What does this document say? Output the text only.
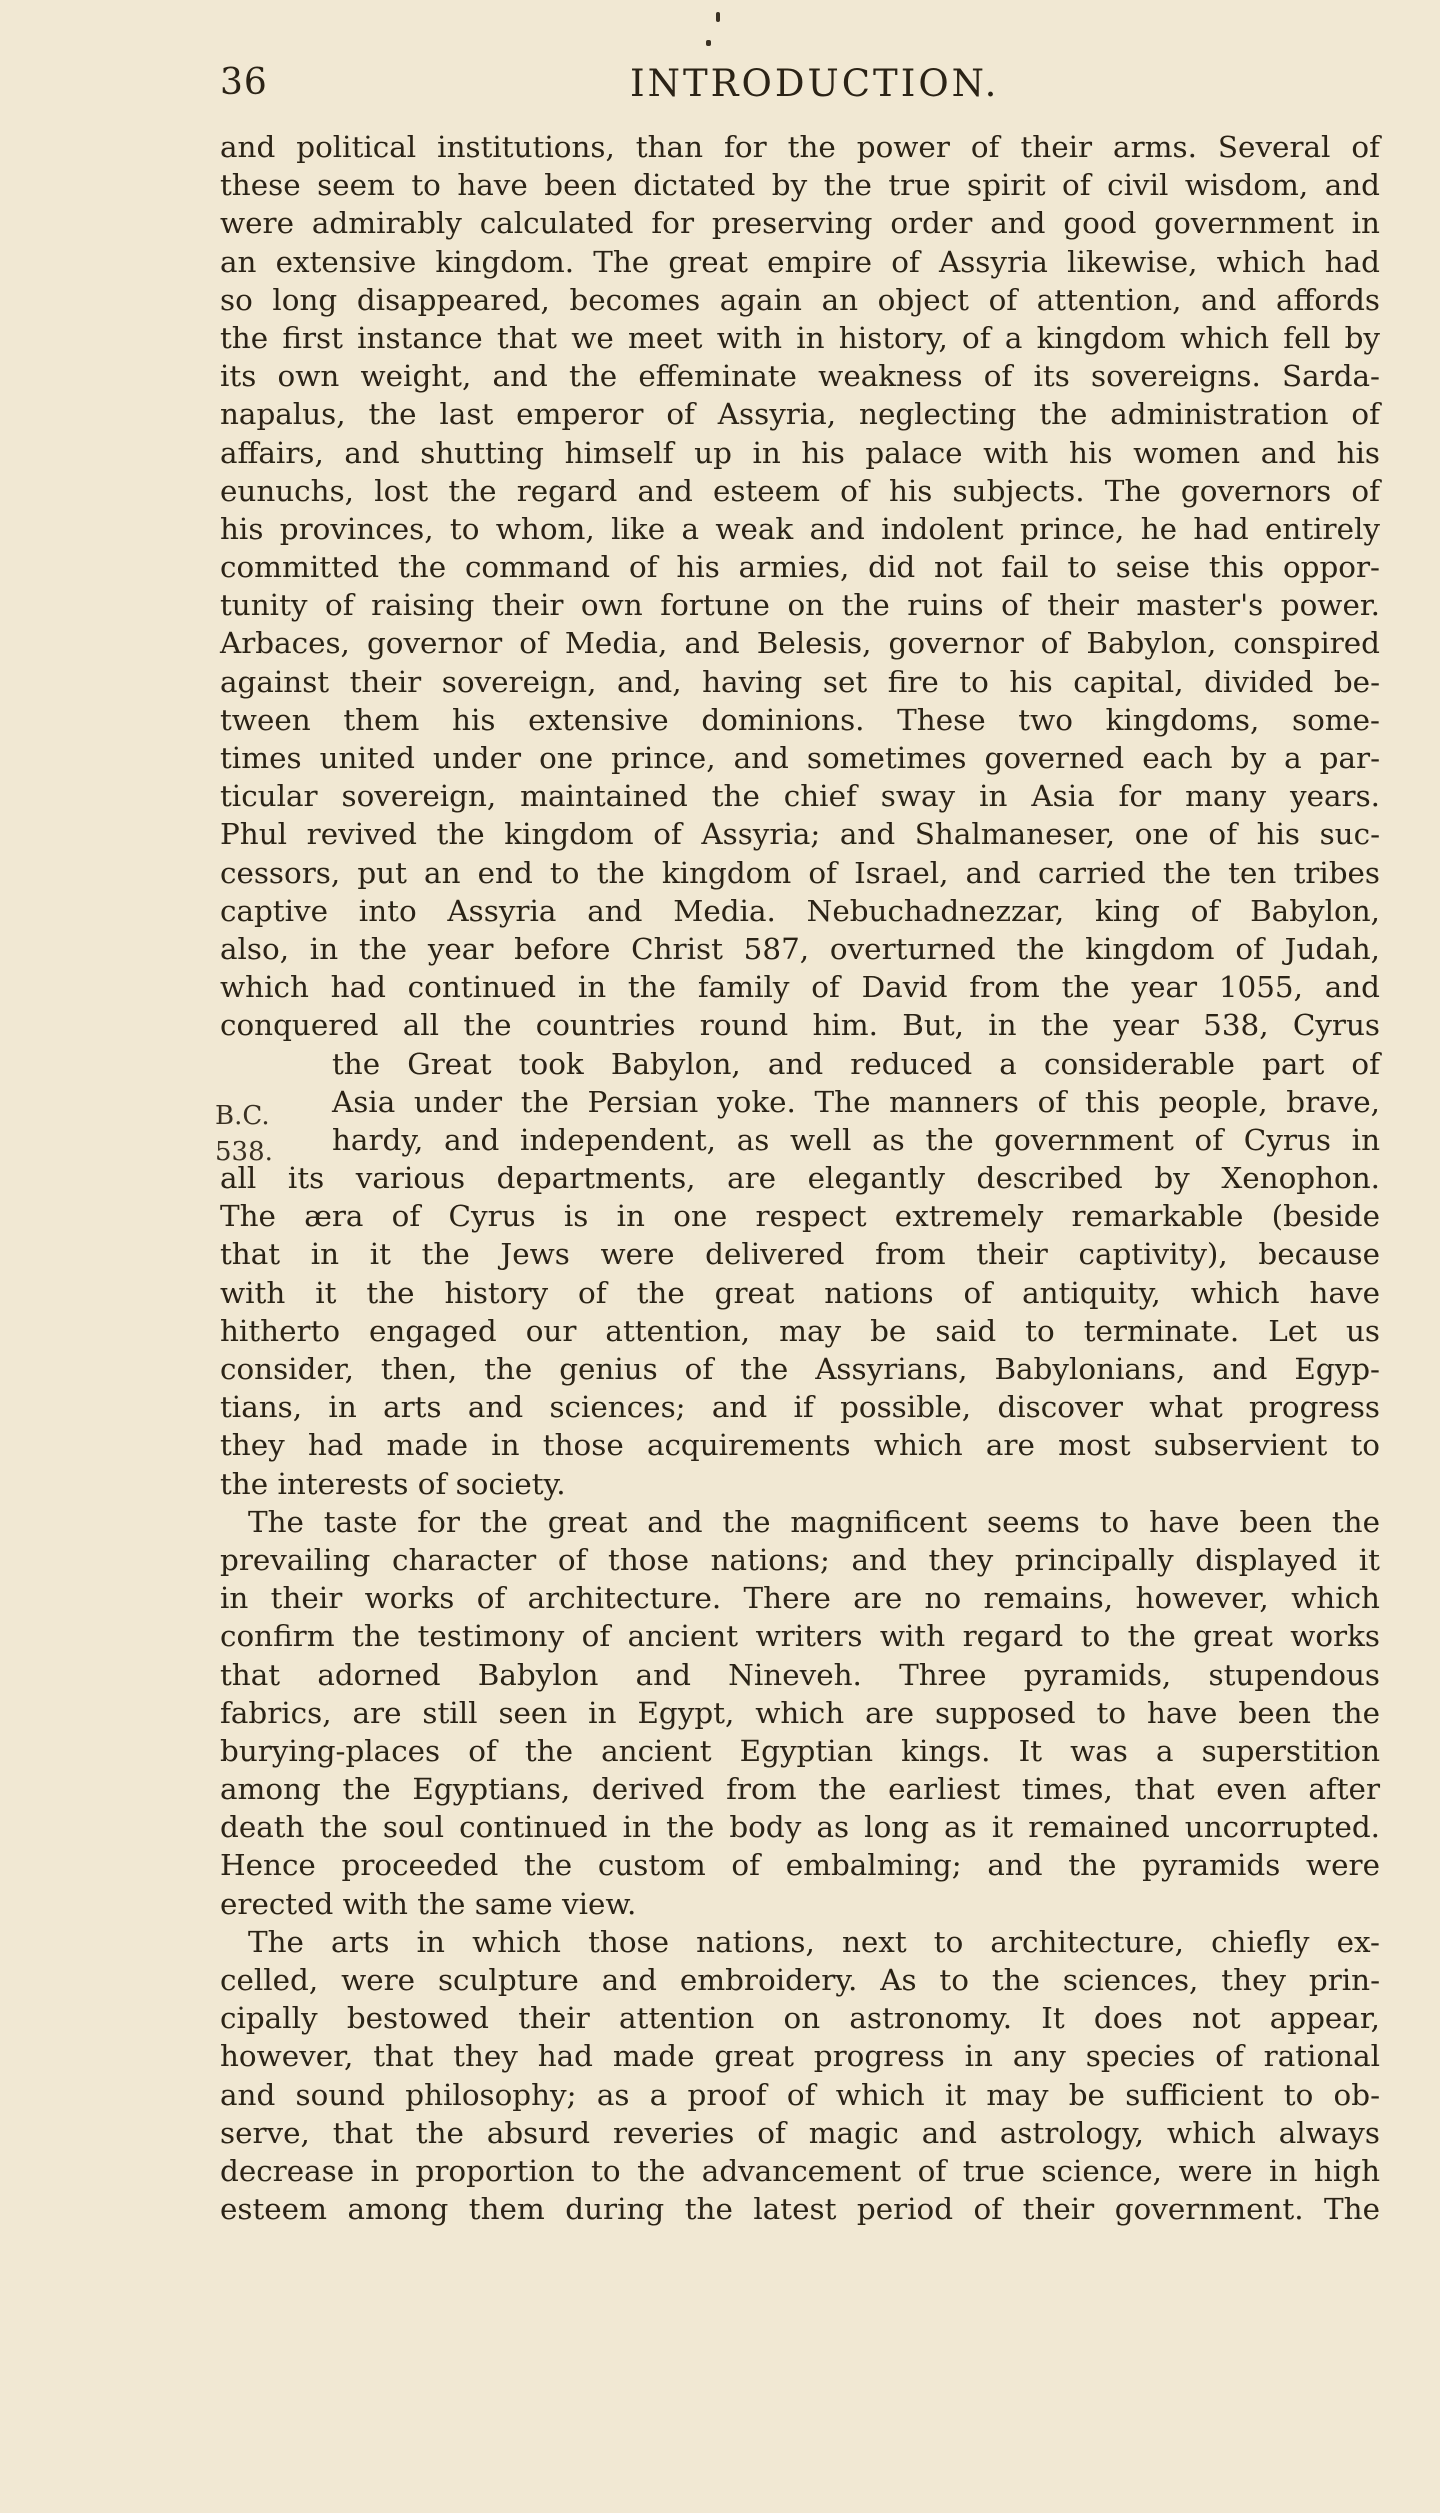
36	INTRODUCTION.
B.C.
538.
and political institutions, than for the power of their arms. Several of
these seem to have been dictated by the true spirit of civil wisdom, and
were admirably calculated for preserving order and good government in
an extensive kingdom. The great empire of Assyria likewise, which had
so long disappeared, becomes again an object of attention, and affords
the first instance that we meet with in history, of a kingdom which fell by
its own weight, and the effeminate weakness of its sovereigns. Sarda-
napalus, the last emperor of Assyria, neglecting the administration of
affairs, and shutting himself up in his palace with his women and his
eunuchs, lost the regard and esteem of his subjects. The governors of
his provinces, to whom, like a weak and indolent prince, he had entirely
committed the command of his armies, did not fail to seise this oppor-
tunity of raising their own fortune on the ruins of their master's power.
Arbaces, governor of Media, and Belesis, governor of Babylon, conspired
against their sovereign, and, having set fire to his capital, divided be-
tween them his extensive dominions. These two kingdoms, some-
times united under one prince, and sometimes governed each by a par-
ticular sovereign, maintained the chief sway in Asia for many years.
Phul revived the kingdom of Assyria; and Shalmaneser, one of his suc-
cessors, put an end to the kingdom of Israel, and carried the ten tribes
captive into Assyria and Media. Nebuchadnezzar, king of Babylon,
also, in the year before Christ 587, overturned the kingdom of Judah,
which had continued in the family of David from the year 1055, and
conquered all the countries round him. But, in the year 538, Cyrus
the Great took Babylon, and reduced a considerable part of
Asia under the Persian yoke. The manners of this people, brave,
hardy, and independent, as well as the government of Cyrus in
all its various departments, are elegantly described by Xenophon.
The æra of Cyrus is in one respect extremely remarkable (beside
that in it the Jews were delivered from their captivity), because
with it the history of the great nations of antiquity, which have
hitherto engaged our attention, may be said to terminate. Let us
consider, then, the genius of the Assyrians, Babylonians, and Egyp-
tians, in arts and sciences; and if possible, discover what progress
they had made in those acquirements which are most subservient to
the interests of society.
The taste for the great and the magnificent seems to have been the
prevailing character of those nations; and they principally displayed it
in their works of architecture. There are no remains, however, which
confirm the testimony of ancient writers with regard to the great works
that adorned Babylon and Nineveh. Three pyramids, stupendous
fabrics, are still seen in Egypt, which are supposed to have been the
burying-places of the ancient Egyptian kings. It was a superstition
among the Egyptians, derived from the earliest times, that even after
death the soul continued in the body as long as it remained uncorrupted.
Hence proceeded the custom of embalming; and the pyramids were
erected with the same view.
The arts in which those nations, next to architecture, chiefly ex-
celled, were sculpture and embroidery. As to the sciences, they prin-
cipally bestowed their attention on astronomy. It does not appear,
however, that they had made great progress in any species of rational
and sound philosophy; as a proof of which it may be sufficient to ob-
serve, that the absurd reveries of magic and astrology, which always
decrease in proportion to the advancement of true science, were in high
esteem among them during the latest period of their government. The
